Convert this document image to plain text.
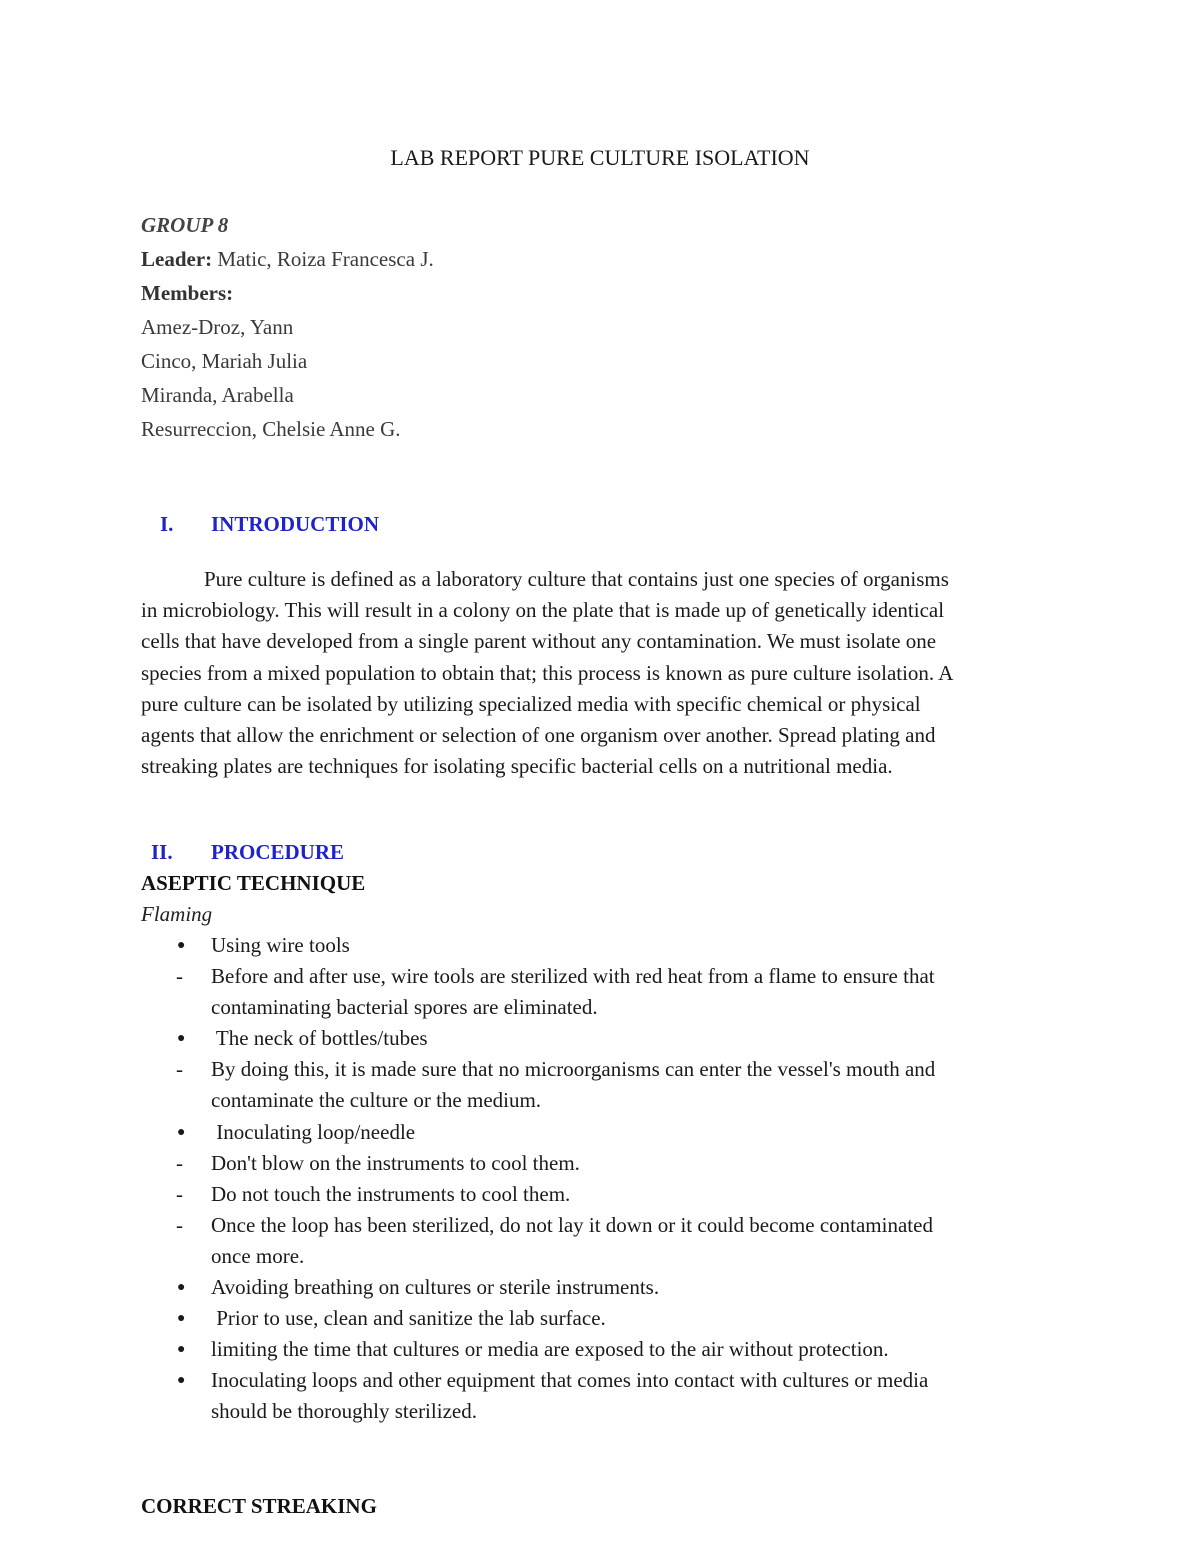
LAB REPORT PURE CULTURE ISOLATION
GROUP 8
Leader: Matic, Roiza Francesca J.
Members:
Amez-Droz, Yann
Cinco, Mariah Julia
Miranda, Arabella
Resurreccion, Chelsie Anne G.
I. INTRODUCTION
Pure culture is defined as a laboratory culture that contains just one species of organisms
in microbiology. This will result in a colony on the plate that is made up of genetically identical
cells that have developed from a single parent without any contamination. We must isolate one
species from a mixed population to obtain that; this process is known as pure culture isolation. A
pure culture can be isolated by utilizing specialized media with specific chemical or physical
agents that allow the enrichment or selection of one organism over another. Spread plating and
streaking plates are techniques for isolating specific bacterial cells on a nutritional media.
II. PROCEDURE
ASEPTIC TECHNIQUE
Flaming
●	Using wire tools
-	Before and after use, wire tools are sterilized with red heat from a flame to ensure that
contaminating bacterial spores are eliminated.
●	The neck of bottles/tubes
-	By doing this, it is made sure that no microorganisms can enter the vessel's mouth and
contaminate the culture or the medium.
●	Inoculating loop/needle
-	Don't blow on the instruments to cool them.
-	Do not touch the instruments to cool them.
-	Once the loop has been sterilized, do not lay it down or it could become contaminated
once more.
●	Avoiding breathing on cultures or sterile instruments.
●	Prior to use, clean and sanitize the lab surface.
●	limiting the time that cultures or media are exposed to the air without protection.
●	Inoculating loops and other equipment that comes into contact with cultures or media
should be thoroughly sterilized.
CORRECT STREAKING
